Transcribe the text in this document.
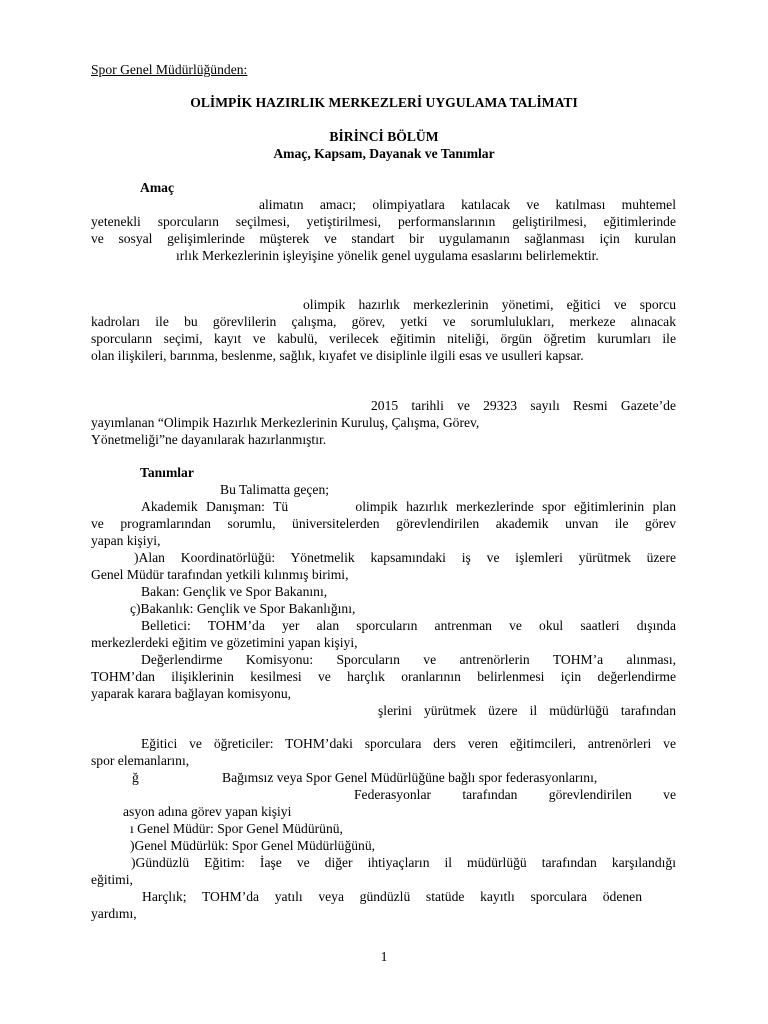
Spor Genel Müdürlüğünden:
OLİMPİK HAZIRLIK MERKEZLERİ UYGULAMA TALİMATI
BİRİNCİ BÖLÜM
Amaç, Kapsam, Dayanak ve Tanımlar
Amaç
alimatın amacı; olimpiyatlara katılacak ve katılması muhtemel
yetenekli sporcuların seçilmesi, yetiştirilmesi, performanslarının geliştirilmesi, eğitimlerinde
ve sosyal gelişimlerinde müşterek ve standart bir uygulamanın sağlanması için kurulan
ırlık Merkezlerinin işleyişine yönelik genel uygulama esaslarını belirlemektir.
olimpik hazırlık merkezlerinin yönetimi, eğitici ve sporcu
kadroları ile bu görevlilerin çalışma, görev, yetki ve sorumlulukları, merkeze alınacak
sporcuların seçimi, kayıt ve kabulü, verilecek eğitimin niteliği, örgün öğretim kurumları ile
olan ilişkileri, barınma, beslenme, sağlık, kıyafet ve disiplinle ilgili esas ve usulleri kapsar.
2015 tarihli ve 29323 sayılı Resmi Gazete’de
yayımlanan “Olimpik Hazırlık Merkezlerinin Kuruluş, Çalışma, Görev,
Yönetmeliği”ne dayanılarak hazırlanmıştır.
Tanımlar
Bu Talimatta geçen;
Akademik Danışman: Tü        olimpik hazırlık merkezlerinde spor eğitimlerinin plan
ve programlarından sorumlu, üniversitelerden görevlendirilen akademik unvan ile görev
yapan kişiyi,
)Alan Koordinatörlüğü: Yönetmelik kapsamındaki iş ve işlemleri yürütmek üzere
Genel Müdür tarafından yetkili kılınmış birimi,
Bakan: Gençlik ve Spor Bakanını,
ç)Bakanlık: Gençlik ve Spor Bakanlığını,
Belletici: TOHM’da yer alan sporcuların antrenman ve okul saatleri dışında
merkezlerdeki eğitim ve gözetimini yapan kişiyi,
Değerlendirme Komisyonu: Sporcuların ve antrenörlerin TOHM’a alınması,
TOHM’dan ilişiklerinin kesilmesi ve harçlık oranlarının belirlenmesi için değerlendirme
yaparak karara bağlayan komisyonu,
şlerini yürütmek üzere il müdürlüğü tarafından
Eğitici ve öğreticiler: TOHM’daki sporculara ders veren eğitimcileri, antrenörleri ve
spor elemanlarını,
ğ	Bağımsız veya Spor Genel Müdürlüğüne bağlı spor federasyonlarını,
Federasyonlar tarafından görevlendirilen ve
asyon adına görev yapan kişiyi
ı Genel Müdür: Spor Genel Müdürünü,
)Genel Müdürlük: Spor Genel Müdürlüğünü,
)Gündüzlü Eğitim: İaşe ve diğer ihtiyaçların il müdürlüğü tarafından karşılandığı
eğitimi,
Harçlık; TOHM’da yatılı veya gündüzlü statüde kayıtlı sporculara ödenen
yardımı,
1
